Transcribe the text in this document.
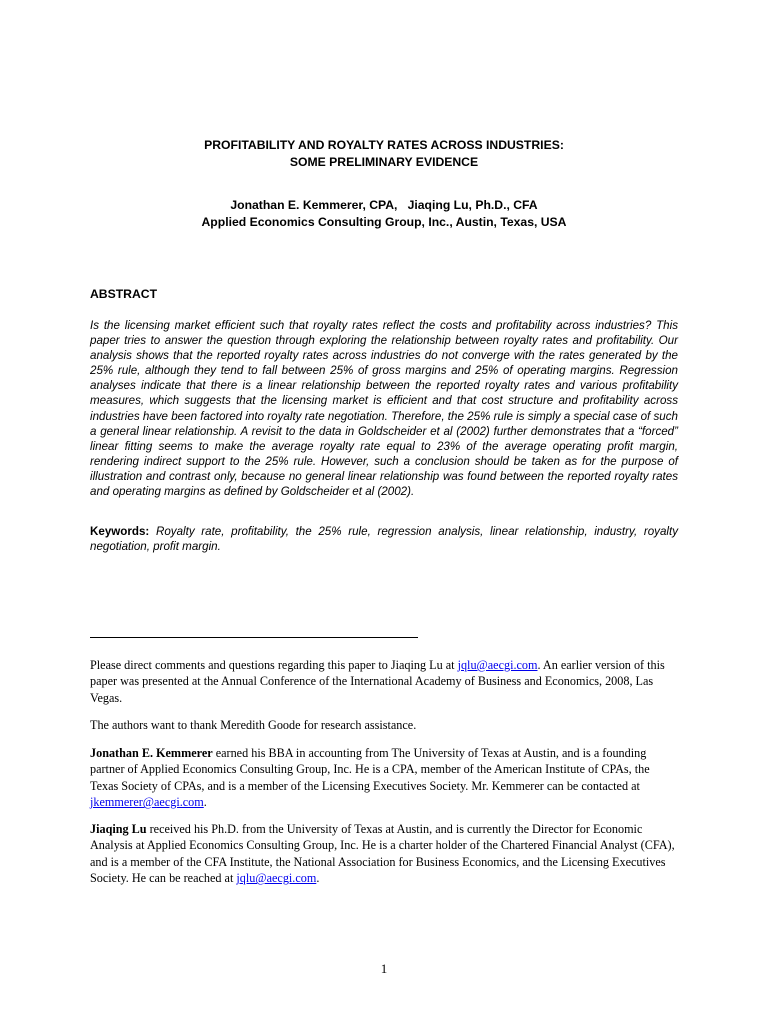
PROFITABILITY AND ROYALTY RATES ACROSS INDUSTRIES:
SOME PRELIMINARY EVIDENCE
Jonathan E. Kemmerer, CPA, Jiaqing Lu, Ph.D., CFA
Applied Economics Consulting Group, Inc., Austin, Texas, USA
ABSTRACT
Is the licensing market efficient such that royalty rates reflect the costs and profitability across industries? This paper tries to answer the question through exploring the relationship between royalty rates and profitability. Our analysis shows that the reported royalty rates across industries do not converge with the rates generated by the 25% rule, although they tend to fall between 25% of gross margins and 25% of operating margins. Regression analyses indicate that there is a linear relationship between the reported royalty rates and various profitability measures, which suggests that the licensing market is efficient and that cost structure and profitability across industries have been factored into royalty rate negotiation. Therefore, the 25% rule is simply a special case of such a general linear relationship. A revisit to the data in Goldscheider et al (2002) further demonstrates that a “forced” linear fitting seems to make the average royalty rate equal to 23% of the average operating profit margin, rendering indirect support to the 25% rule. However, such a conclusion should be taken as for the purpose of illustration and contrast only, because no general linear relationship was found between the reported royalty rates and operating margins as defined by Goldscheider et al (2002).
Keywords: Royalty rate, profitability, the 25% rule, regression analysis, linear relationship, industry, royalty negotiation, profit margin.
Please direct comments and questions regarding this paper to Jiaqing Lu at jqlu@aecgi.com. An earlier version of this paper was presented at the Annual Conference of the International Academy of Business and Economics, 2008, Las Vegas.
The authors want to thank Meredith Goode for research assistance.
Jonathan E. Kemmerer earned his BBA in accounting from The University of Texas at Austin, and is a founding partner of Applied Economics Consulting Group, Inc. He is a CPA, member of the American Institute of CPAs, the Texas Society of CPAs, and is a member of the Licensing Executives Society. Mr. Kemmerer can be contacted at jkemmerer@aecgi.com.
Jiaqing Lu received his Ph.D. from the University of Texas at Austin, and is currently the Director for Economic Analysis at Applied Economics Consulting Group, Inc. He is a charter holder of the Chartered Financial Analyst (CFA), and is a member of the CFA Institute, the National Association for Business Economics, and the Licensing Executives Society. He can be reached at jqlu@aecgi.com.
1
